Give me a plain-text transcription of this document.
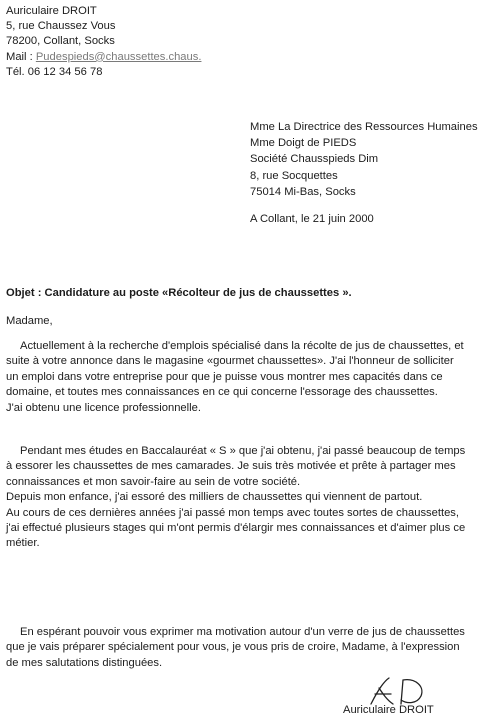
Auriculaire DROIT
5, rue Chaussez Vous
78200, Collant, Socks
Mail : Pudespieds@chaussettes.chaus.
Tél. 06 12 34 56 78
Mme La Directrice des Ressources Humaines
Mme Doigt de PIEDS
Société Chausspieds Dim
8, rue Socquettes
75014 Mi-Bas, Socks
A Collant, le 21 juin 2000
Objet : Candidature au poste «Récolteur de jus de chaussettes ».
Madame,
Actuellement à la recherche d'emplois spécialisé dans la récolte de jus de chaussettes, et
suite à votre annonce dans le magasine «gourmet chaussettes». J'ai l'honneur de solliciter
un emploi dans votre entreprise pour que je puisse vous montrer mes capacités dans ce
domaine, et toutes mes connaissances en ce qui concerne l'essorage des chaussettes.
J'ai obtenu une licence professionnelle.
Pendant mes études en Baccalauréat « S » que j'ai obtenu, j'ai passé beaucoup de temps
à essorer les chaussettes de mes camarades. Je suis très motivée et prête à partager mes
connaissances et mon savoir-faire au sein de votre société.
Depuis mon enfance, j'ai essoré des milliers de chaussettes qui viennent de partout.
Au cours de ces dernières années j'ai passé mon temps avec toutes sortes de chaussettes,
j'ai effectué plusieurs stages qui m'ont permis d'élargir mes connaissances et d'aimer plus ce
métier.
En espérant pouvoir vous exprimer ma motivation autour d'un verre de jus de chaussettes
que je vais préparer spécialement pour vous, je vous pris de croire, Madame, à l'expression
de mes salutations distinguées.
Auriculaire DROIT
